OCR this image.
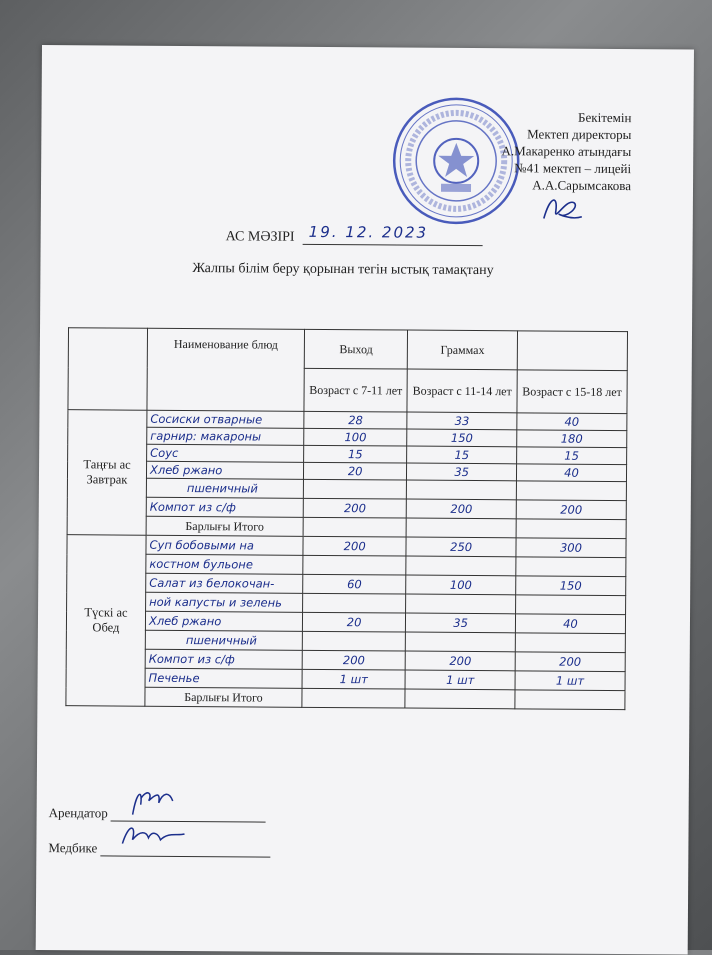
Бекітемін
Мектеп директоры
А.Макаренко атындағы
№41 мектеп – лицейі
А.А.Сарымсакова
АС МӘЗІРІ 19. 12. 2023
Жалпы білім беру қорынан тегін ыстық тамақтану
	Наименование блюд	Выход	Граммах	
		Возраст с 7-11 лет	Возраст с 11-14 лет	Возраст с 15-18 лет
Таңғы ас Завтрак	Сосиски отварные	28	33	40
	гарнир: макароны	100	150	180
	Соус	15	15	15
	Хлеб ржано	20	35	40
	пшеничный			
	Компот из с/ф	200	200	200
	Барлығы Итого			
Түскі ас Обед	Суп бобовыми на	200	250	300
	костном бульоне			
	Салат из белокочан-	60	100	150
	ной капусты и зелень			
	Хлеб ржано	20	35	40
	пшеничный			
	Компот из с/ф	200	200	200
	Печенье	1 шт	1 шт	1 шт
	Барлығы Итого			
Арендатор
Медбике
